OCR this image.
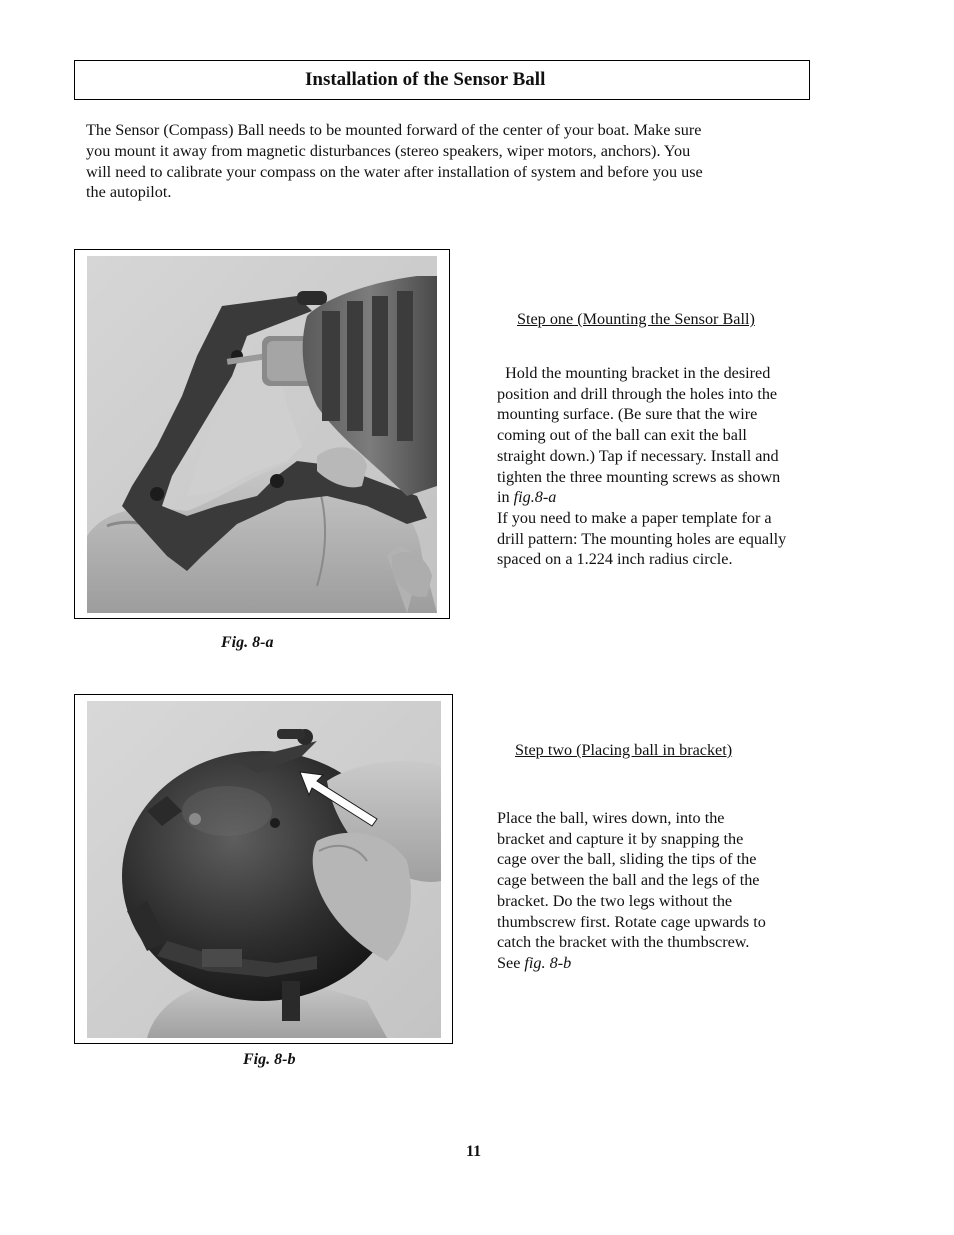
Installation of the Sensor Ball

The Sensor (Compass) Ball needs to be mounted forward of the center of your boat. Make sure
you mount it away from magnetic disturbances (stereo speakers, wiper motors, anchors). You
will need to calibrate your compass on the water after installation of system and before you use
the autopilot.

Fig. 8-a
Step one (Mounting the Sensor Ball)

Hold the mounting bracket in the desired
position and drill through the holes into the
mounting surface. (Be sure that the wire
coming out of the ball can exit the ball
straight down.) Tap if necessary. Install and
tighten the three mounting screws as shown
in fig.8-a
If you need to make a paper template for a
drill pattern: The mounting holes are equally
spaced on a 1.224 inch radius circle.

Fig. 8-b
Step two (Placing ball in bracket)

Place the ball, wires down, into the
bracket and capture it by snapping the
cage over the ball, sliding the tips of the
cage between the ball and the legs of the
bracket. Do the two legs without the
thumbscrew first. Rotate cage upwards to
catch the bracket with the thumbscrew.
See fig. 8-b

11
